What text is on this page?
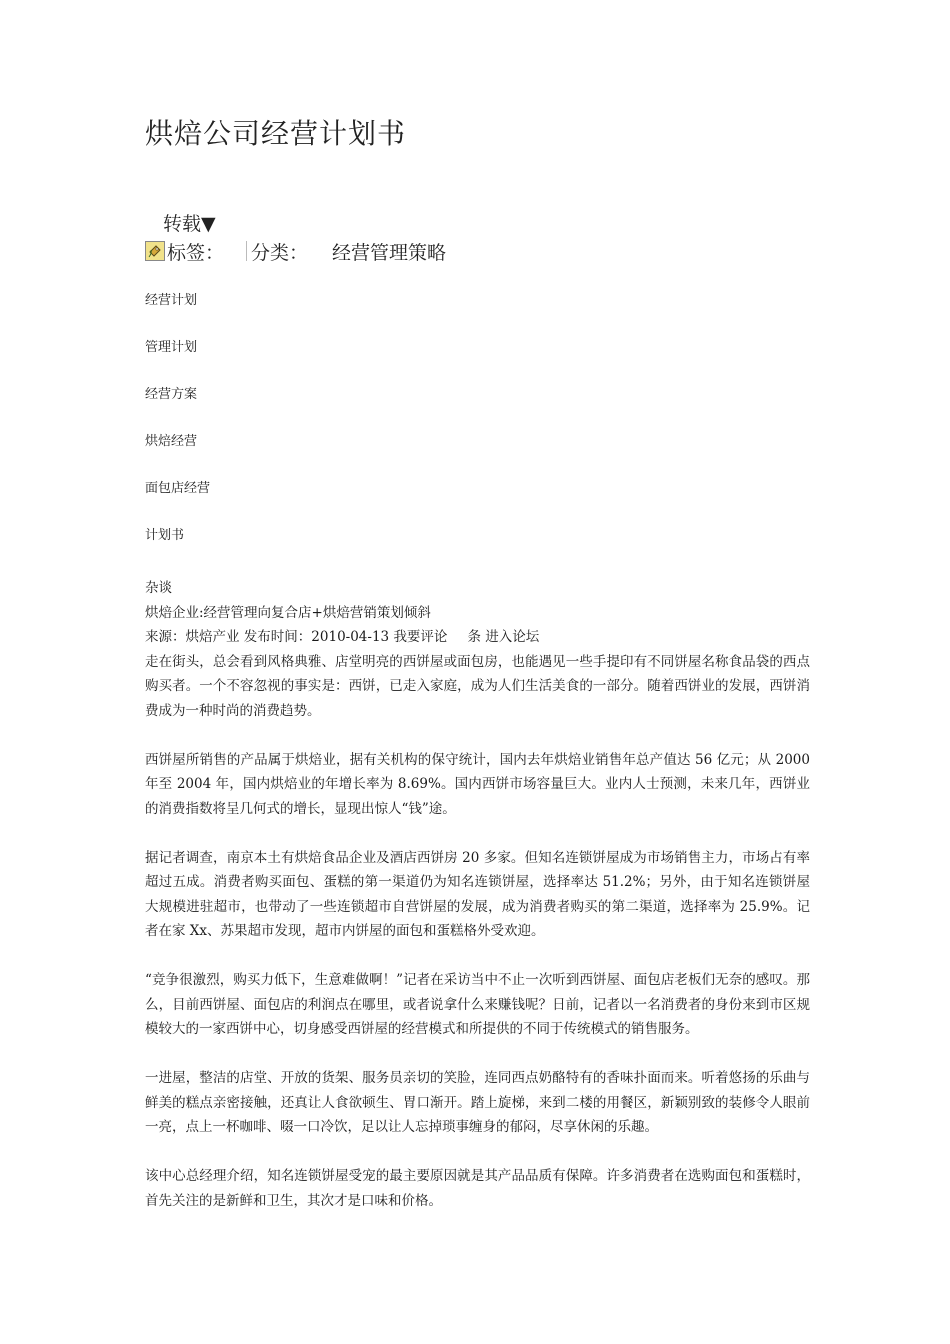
烘焙公司经营计划书
转载▼
标签： 分类： 经营管理策略
经营计划
管理计划
经营方案
烘焙经营
面包店经营
计划书

杂谈

烘焙企业:经营管理向复合店+烘焙营销策划倾斜

来源：烘焙产业 发布时间：2010-04-13 我要评论 条 进入论坛

走在街头，总会看到风格典雅、店堂明亮的西饼屋或面包房，也能遇见一些手提印有不同饼屋名称食品袋的西点购买者。一个不容忽视的事实是：西饼，已走入家庭，成为人们生活美食的一部分。随着西饼业的发展，西饼消费成为一种时尚的消费趋势。

西饼屋所销售的产品属于烘焙业，据有关机构的保守统计，国内去年烘焙业销售年总产值达 56 亿元；从 2000 年至 2004 年，国内烘焙业的年增长率为 8.69%。国内西饼市场容量巨大。业内人士预测，未来几年，西饼业的消费指数将呈几何式的增长，显现出惊人“钱”途。

据记者调查，南京本土有烘焙食品企业及酒店西饼房 20 多家。但知名连锁饼屋成为市场销售主力，市场占有率超过五成。消费者购买面包、蛋糕的第一渠道仍为知名连锁饼屋，选择率达 51.2%；另外，由于知名连锁饼屋大规模进驻超市，也带动了一些连锁超市自营饼屋的发展，成为消费者购买的第二渠道，选择率为 25.9%。记者在家 Xx、苏果超市发现，超市内饼屋的面包和蛋糕格外受欢迎。

“竞争很激烈，购买力低下，生意难做啊！”记者在采访当中不止一次听到西饼屋、面包店老板们无奈的感叹。那么，目前西饼屋、面包店的利润点在哪里，或者说拿什么来赚钱呢？日前，记者以一名消费者的身份来到市区规模较大的一家西饼中心，切身感受西饼屋的经营模式和所提供的不同于传统模式的销售服务。

一进屋，整洁的店堂、开放的货架、服务员亲切的笑脸，连同西点奶酪特有的香味扑面而来。听着悠扬的乐曲与鲜美的糕点亲密接触，还真让人食欲顿生、胃口渐开。踏上旋梯，来到二楼的用餐区，新颖别致的装修令人眼前一亮，点上一杯咖啡、啜一口冷饮，足以让人忘掉琐事缠身的郁闷，尽享休闲的乐趣。

该中心总经理介绍，知名连锁饼屋受宠的最主要原因就是其产品品质有保障。许多消费者在选购面包和蛋糕时，首先关注的是新鲜和卫生，其次才是口味和价格。
